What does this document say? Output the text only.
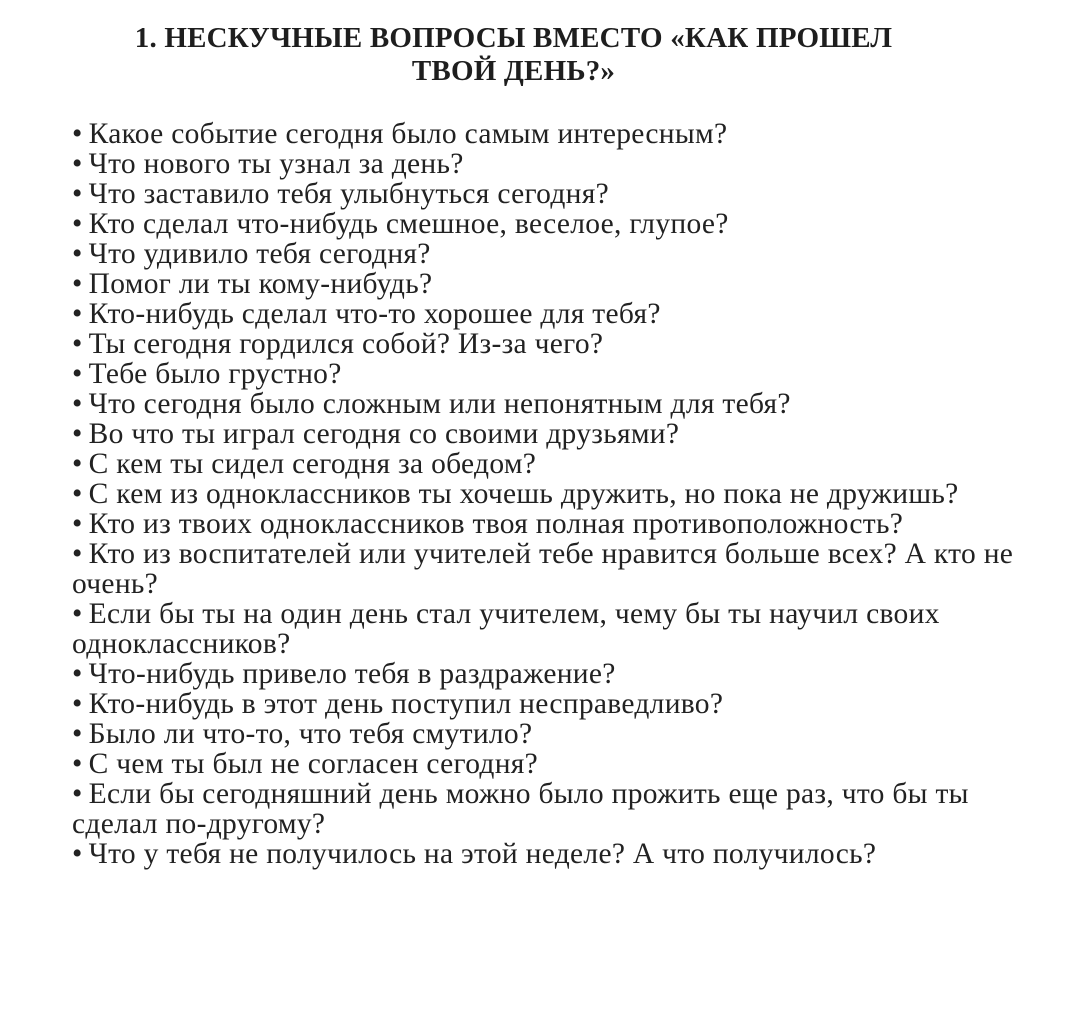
1. НЕСКУЧНЫЕ ВОПРОСЫ ВМЕСТО «КАК ПРОШЕЛ ТВОЙ ДЕНЬ?»
• Какое событие сегодня было самым интересным?
• Что нового ты узнал за день?
• Что заставило тебя улыбнуться сегодня?
• Кто сделал что-нибудь смешное, веселое, глупое?
• Что удивило тебя сегодня?
• Помог ли ты кому-нибудь?
• Кто-нибудь сделал что-то хорошее для тебя?
• Ты сегодня гордился собой? Из-за чего?
• Тебе было грустно?
• Что сегодня было сложным или непонятным для тебя?
• Во что ты играл сегодня со своими друзьями?
• С кем ты сидел сегодня за обедом?
• С кем из одноклассников ты хочешь дружить, но пока не дружишь?
• Кто из твоих одноклассников твоя полная противоположность?
• Кто из воспитателей или учителей тебе нравится больше всех? А кто не очень?
• Если бы ты на один день стал учителем, чему бы ты научил своих одноклассников?
• Что-нибудь привело тебя в раздражение?
• Кто-нибудь в этот день поступил несправедливо?
• Было ли что-то, что тебя смутило?
• С чем ты был не согласен сегодня?
• Если бы сегодняшний день можно было прожить еще раз, что бы ты сделал по-другому?
• Что у тебя не получилось на этой неделе? А что получилось?
